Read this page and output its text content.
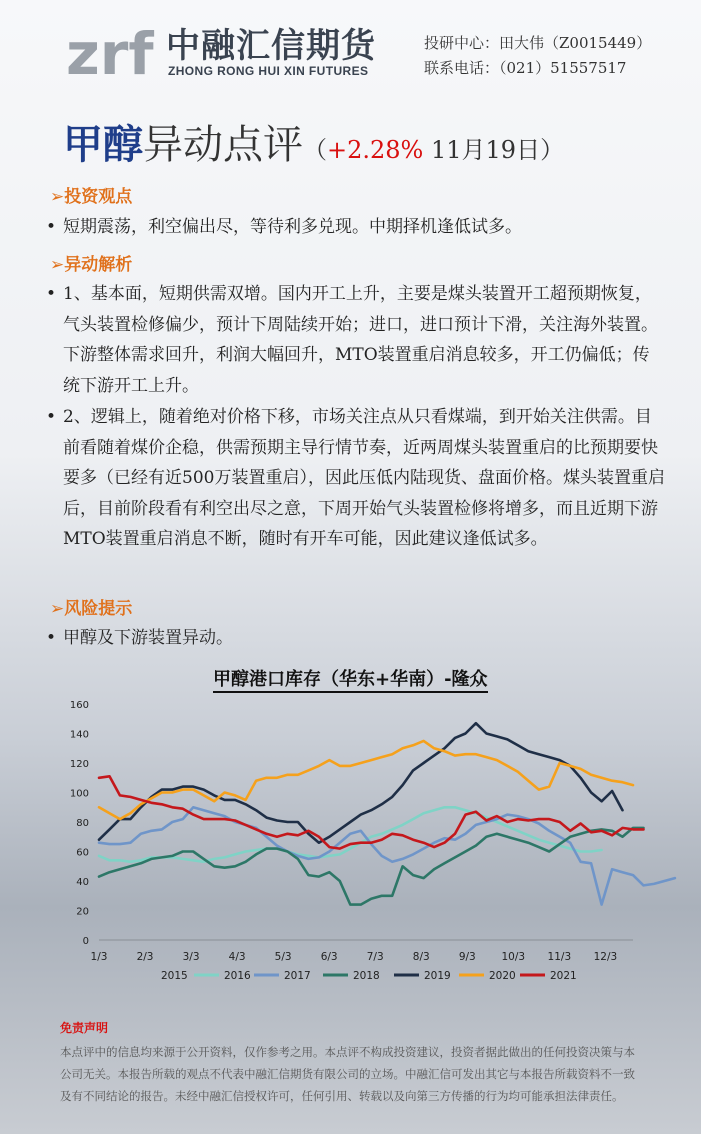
zrf 中融汇信期货
ZHONG RONG HUI XIN FUTURES
投研中心：田大伟（Z0015449）
联系电话：（021）51557517
甲醇异动点评（+2.28% 11月19日）
➢投资观点
• 短期震荡，利空偏出尽，等待利多兑现。中期择机逢低试多。
➢异动解析
• 1、基本面，短期供需双增。国内开工上升，主要是煤头装置开工超预期恢复，气头装置检修偏少，预计下周陆续开始；进口，进口预计下滑，关注海外装置。下游整体需求回升，利润大幅回升，MTO装置重启消息较多，开工仍偏低；传统下游开工上升。
• 2、逻辑上，随着绝对价格下移，市场关注点从只看煤端，到开始关注供需。目前看随着煤价企稳，供需预期主导行情节奏，近两周煤头装置重启的比预期要快要多（已经有近500万装置重启），因此压低内陆现货、盘面价格。煤头装置重启后，目前阶段看有利空出尽之意，下周开始气头装置检修将增多，而且近期下游MTO装置重启消息不断，随时有开车可能，因此建议逢低试多。
➢风险提示
• 甲醇及下游装置异动。
甲醇港口库存（华东+华南）-隆众
0
20
40
60
80
100
120
140
160
1/3	2/3	3/3	4/3	5/3	6/3	7/3	8/3	9/3 10/3 11/3 12/3
2015	2016	2017	2018	2019	2020	2021
免责声明
本点评中的信息均来源于公开资料，仅作参考之用。本点评不构成投资建议，投资者据此做出的任何投资决策与本公司无关。本报告所载的观点不代表中融汇信期货有限公司的立场。中融汇信可发出其它与本报告所载资料不一致及有不同结论的报告。未经中融汇信授权许可，任何引用、转载以及向第三方传播的行为均可能承担法律责任。
